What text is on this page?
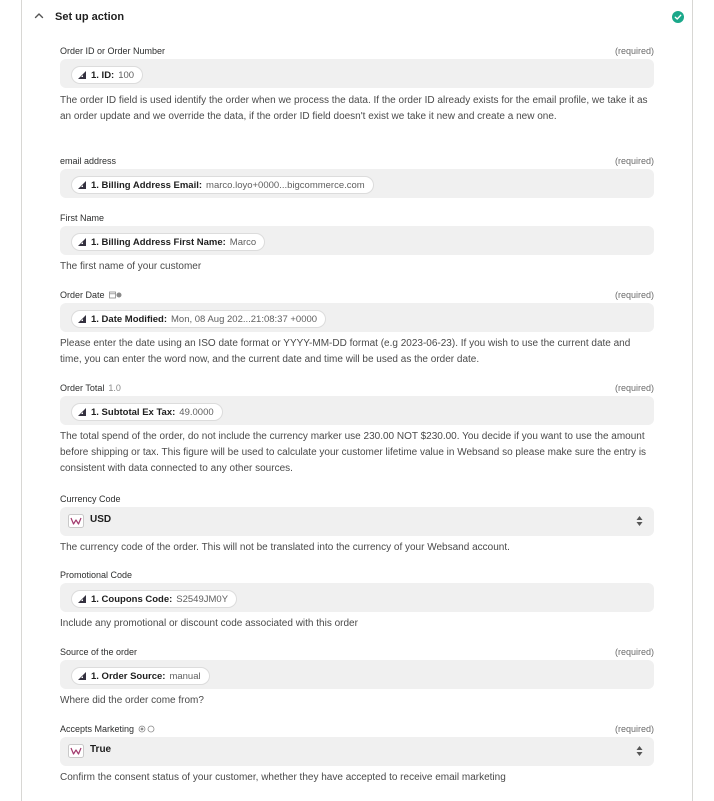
Set up action
Order ID or Order Number	(required)
1. ID: 100
The order ID field is used identify the order when we process the data. If the order ID already exists for the email profile, we take it as an order update and we override the data, if the order ID field doesn't exist we take it new and create a new one.
email address	(required)
1. Billing Address Email: marco.loyo+0000...bigcommerce.com
First Name
1. Billing Address First Name: Marco
The first name of your customer
Order Date	(required)
1. Date Modified: Mon, 08 Aug 202...21:08:37 +0000
Please enter the date using an ISO date format or YYYY-MM-DD format (e.g 2023-06-23). If you wish to use the current date and time, you can enter the word now, and the current date and time will be used as the order date.
Order Total 1.0	(required)
1. Subtotal Ex Tax: 49.0000
The total spend of the order, do not include the currency marker use 230.00 NOT $230.00. You decide if you want to use the amount before shipping or tax. This figure will be used to calculate your customer lifetime value in Websand so please make sure the entry is consistent with data connected to any other sources.
Currency Code
USD
The currency code of the order. This will not be translated into the currency of your Websand account.
Promotional Code
1. Coupons Code: S2549JM0Y
Include any promotional or discount code associated with this order
Source of the order	(required)
1. Order Source: manual
Where did the order come from?
Accepts Marketing	(required)
True
Confirm the consent status of your customer, whether they have accepted to receive email marketing
